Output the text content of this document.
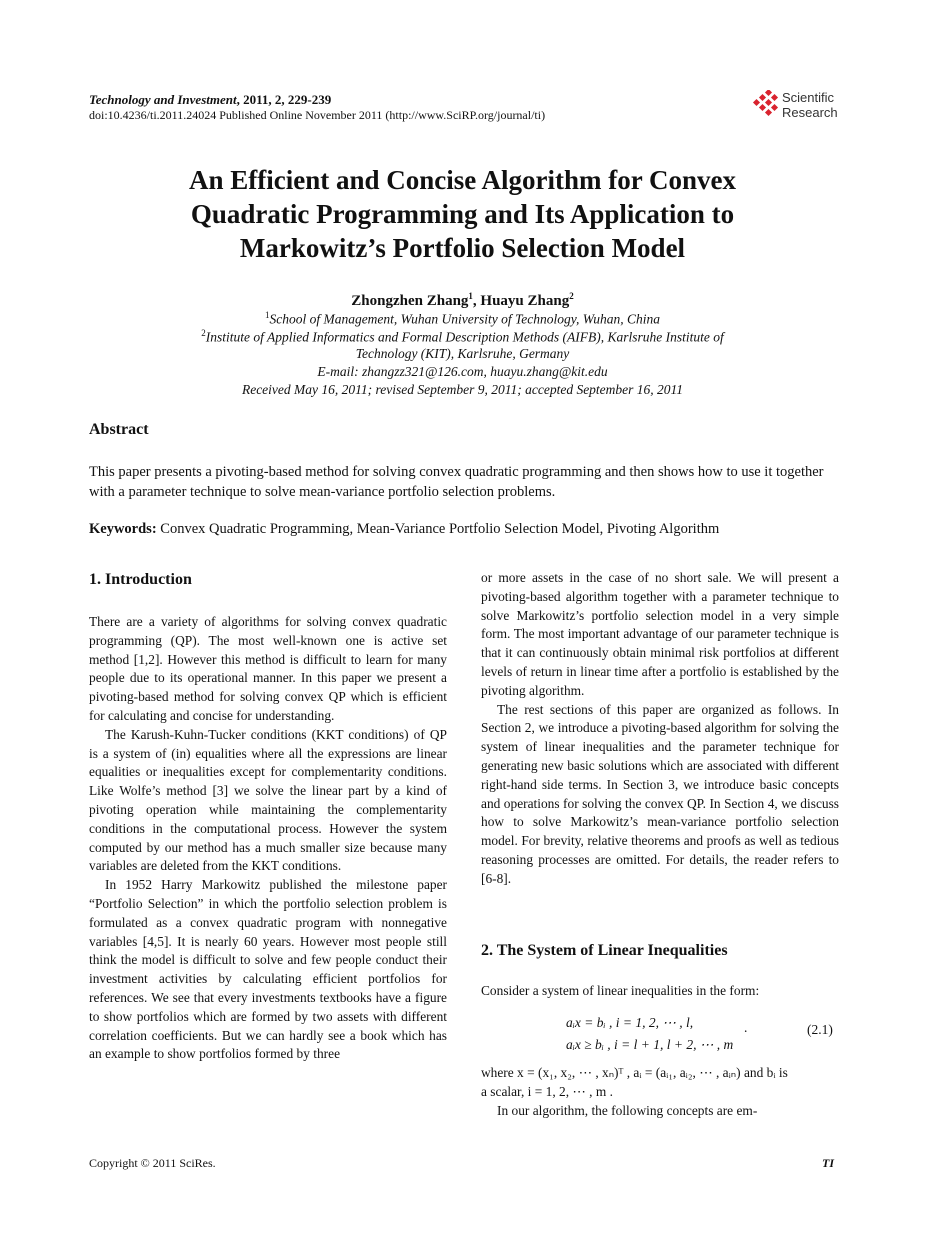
Technology and Investment, 2011, 2, 229-239
doi:10.4236/ti.2011.24024 Published Online November 2011 (http://www.SciRP.org/journal/ti)
Scientific
Research
An Efficient and Concise Algorithm for Convex
Quadratic Programming and Its Application to
Markowitz’s Portfolio Selection Model
Zhongzhen Zhang$^1$, Huayu Zhang$^2$
$^1$School of Management, Wuhan University of Technology, Wuhan, China
$^2$Institute of Applied Informatics and Formal Description Methods (AIFB), Karlsruhe Institute of
Technology (KIT), Karlsruhe, Germany
E-mail: zhangzz321@126.com, huayu.zhang@kit.edu
Received May 16, 2011; revised September 9, 2011; accepted September 16, 2011
Abstract
This paper presents a pivoting-based method for solving convex quadratic programming and then shows how to use it together with a parameter technique to solve mean-variance portfolio selection problems.
Keywords: Convex Quadratic Programming, Mean-Variance Portfolio Selection Model, Pivoting Algorithm
1. Introduction

There are a variety of algorithms for solving convex quadratic programming (QP). The most well-known one is active set method [1,2]. However this method is difficult to learn for many people due to its operational manner. In this paper we present a pivoting-based method for solving convex QP which is efficient for calculating and concise for understanding.

The Karush-Kuhn-Tucker conditions (KKT conditions) of QP is a system of (in) equalities where all the expressions are linear equalities or inequalities except for complementarity conditions. Like Wolfe’s method [3] we solve the linear part by a kind of pivoting operation while maintaining the complementarity conditions in the computational process. However the system computed by our method has a much smaller size because many variables are deleted from the KKT conditions.

In 1952 Harry Markowitz published the milestone paper “Portfolio Selection” in which the portfolio selection problem is formulated as a convex quadratic program with nonnegative variables [4,5]. It is nearly 60 years. However most people still think the model is difficult to solve and few people conduct their investment activities by calculating efficient portfolios for references. We see that every investments textbooks have a figure to show portfolios which are formed by two assets with different correlation coefficients. But we can hardly see a book which has an example to show portfolios formed by three

or more assets in the case of no short sale. We will present a pivoting-based algorithm together with a parameter technique to solve Markowitz’s portfolio selection model in a very simple form. The most important advantage of our parameter technique is that it can continuously obtain minimal risk portfolios at different levels of return in linear time after a portfolio is established by the pivoting algorithm.

The rest sections of this paper are organized as follows. In Section 2, we introduce a pivoting-based algorithm for solving the system of linear inequalities and the parameter technique for generating new basic solutions which are associated with different right-hand side terms. In Section 3, we introduce basic concepts and operations for solving the convex QP. In Section 4, we discuss how to solve Markowitz’s mean-variance portfolio selection model. For brevity, relative theorems and proofs as well as tedious reasoning processes are omitted. For details, the reader refers to [6-8].

2. The System of Linear Inequalities
Consider a system of linear inequalities in the form:
aᵢx = bᵢ , i = 1, 2, ⋯ , l,
aᵢx ≥ bᵢ , i = l + 1, l + 2, ⋯ , m
.	(2.1)

where x = (x₁, x₂, ⋯ , xₙ)ᵀ , aᵢ = (aᵢ₁, aᵢ₂, ⋯ , aᵢₙ) and bᵢ is

a scalar, i = 1, 2, ⋯ , m .

In our algorithm, the following concepts are em-

Copyright © 2011 SciRes.	TI
